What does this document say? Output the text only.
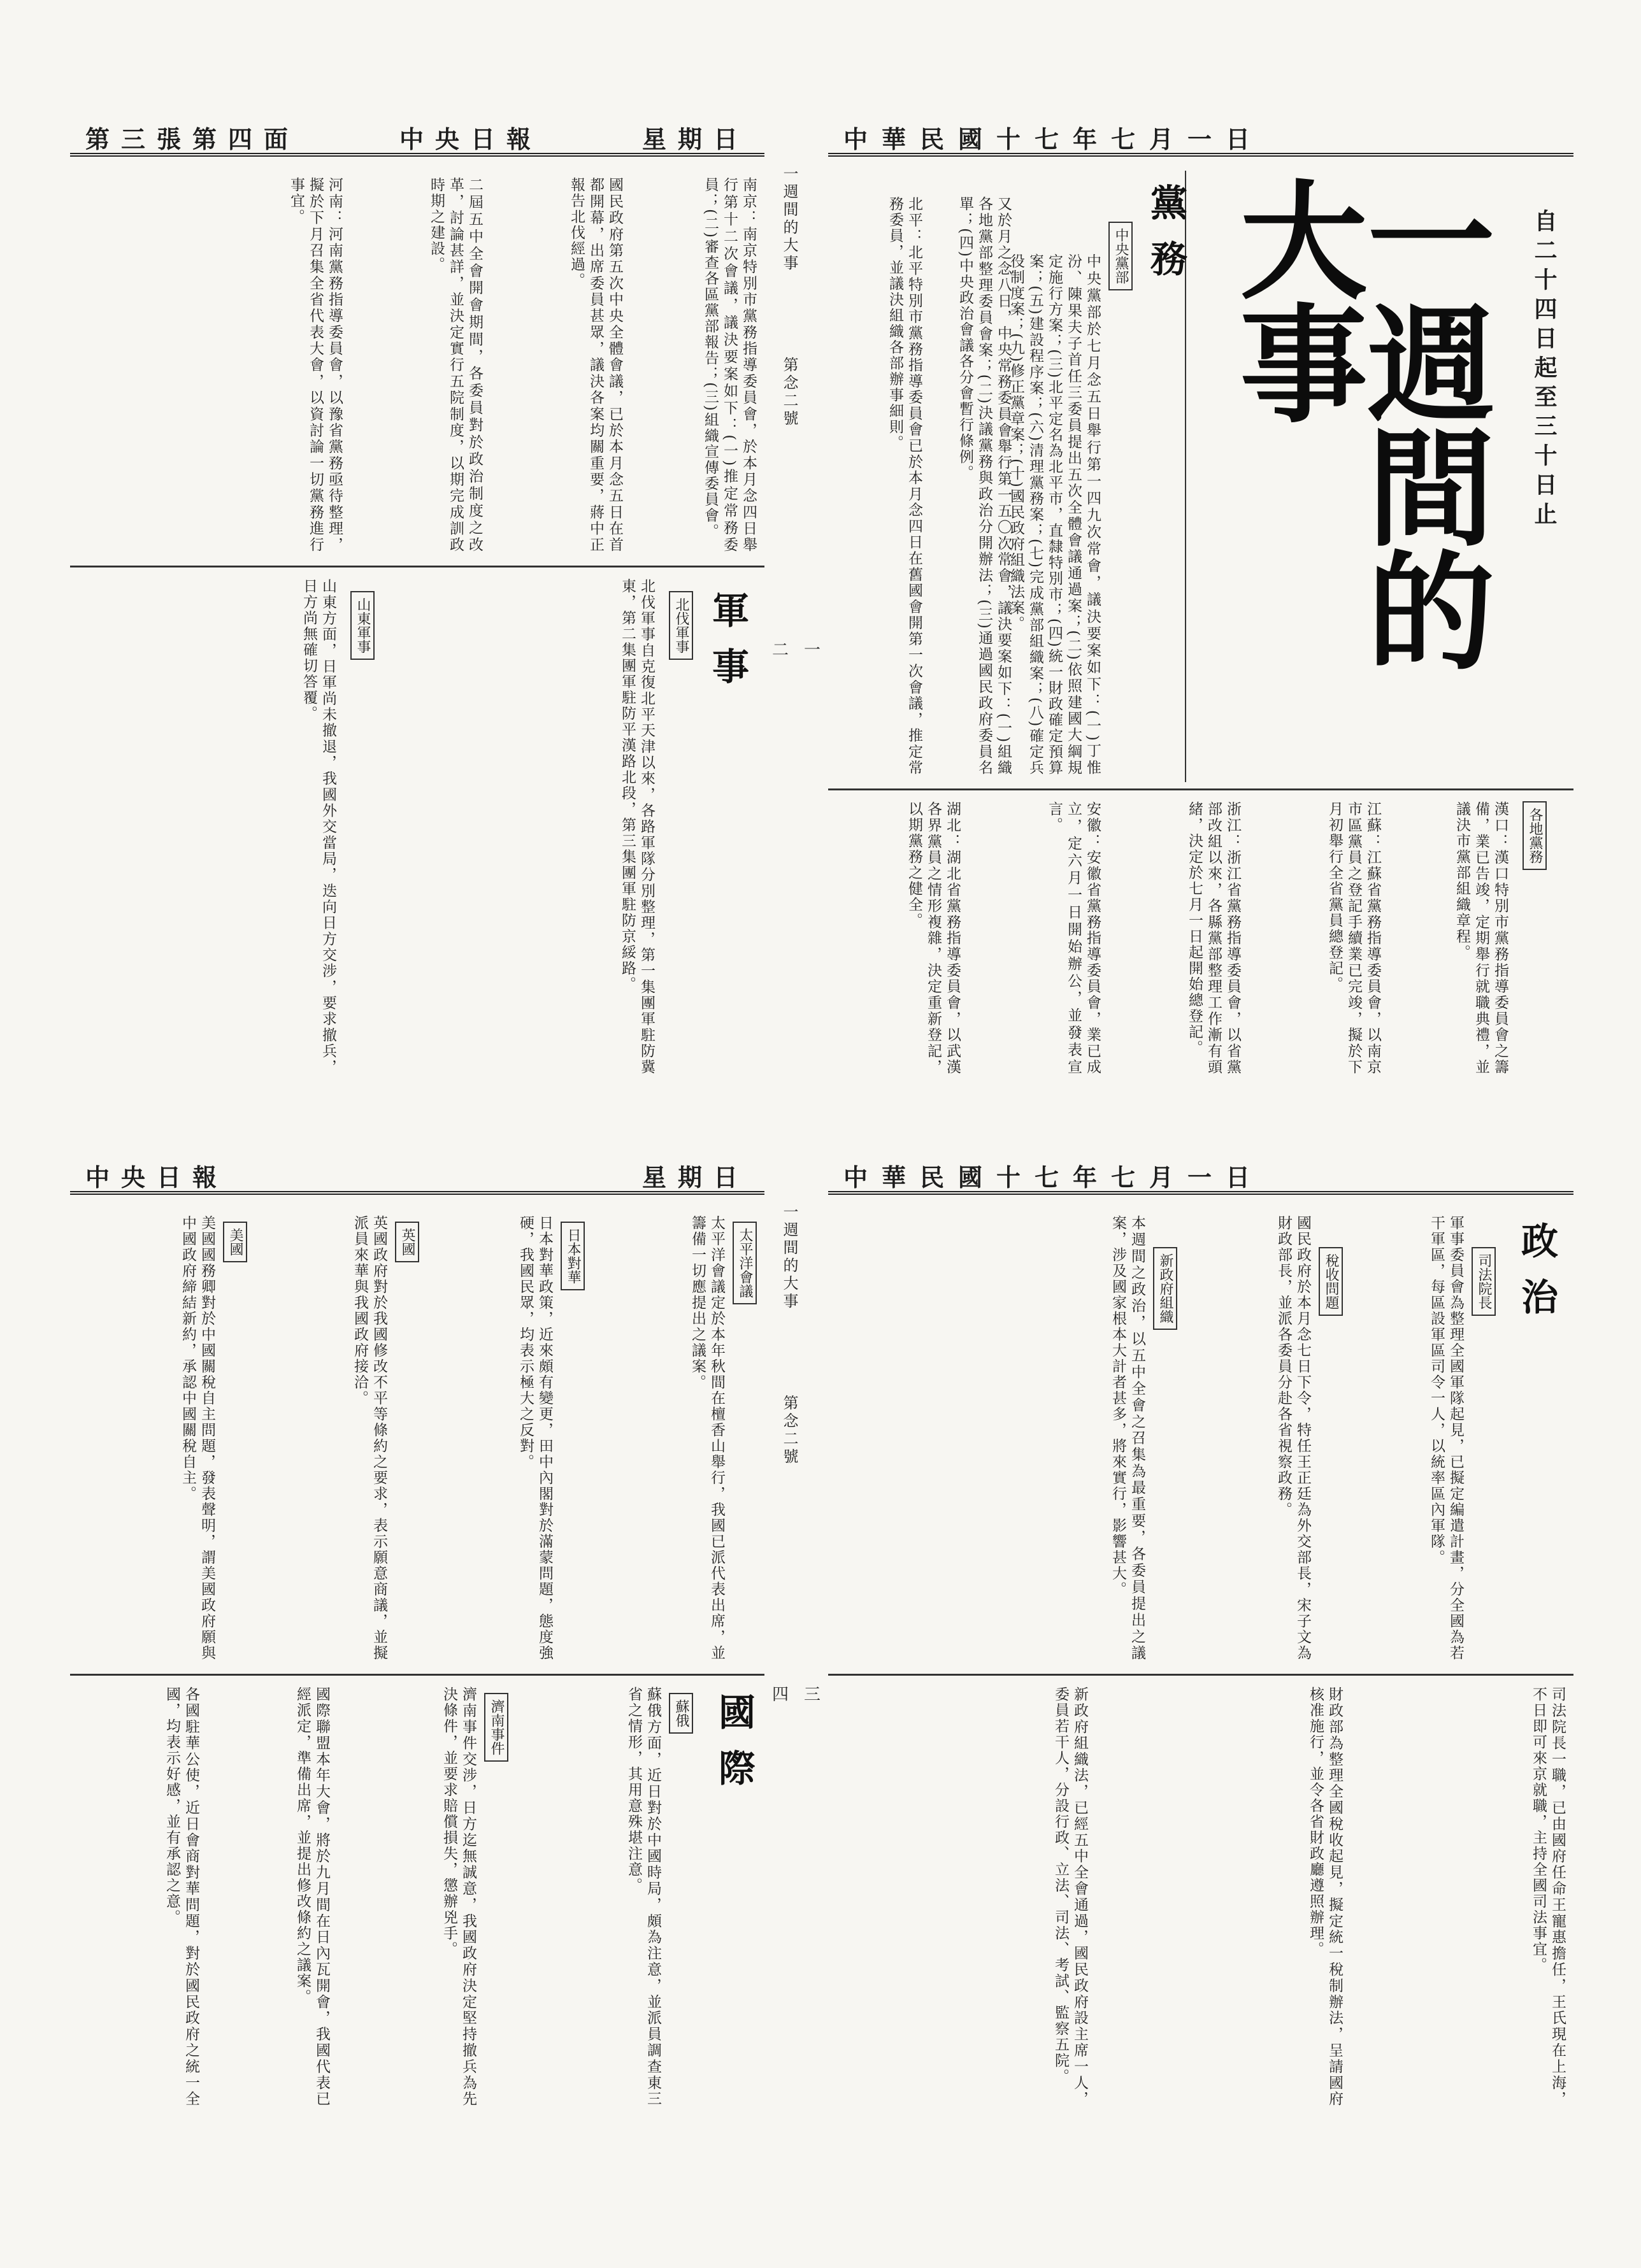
中華民國十七年七月一日
一週間的大事	自二十四日起至三十日止
黨務
中央黨部
中央黨部於七月念五日舉行第一四九次常會，議決要案如下：(一)丁惟汾、陳果夫子首任三委員提出五次全體會議通過案；(二)依照建國大綱規定施行方案；(三)北平定名為北平市，直隸特別市；(四)統一財政確定預算案；(五)建設程序案；(六)清理黨務案；(七)完成黨部組織案；(八)確定兵役制度案；(九)修正黨章案；(十)國民政府組織法案。
又於月之念八日，中央常務委員會舉行第一五〇次常會，議決要案如下：(一)組織各地黨部整理委員會案；(二)決議黨務與政治分開辦法；(三)通過國民政府委員名單；(四)中央政治會議各分會暫行條例。
北平：北平特別市黨務指導委員會已於本月念四日在舊國會開第一次會議，推定常務委員，並議決組織各部辦事細則。
各地黨務
漢口：漢口特別市黨務指導委員會之籌備，業已告竣，定期舉行就職典禮，並議決市黨部組織章程。
江蘇：江蘇省黨務指導委員會，以南京市區黨員之登記手續業已完竣，擬於下月初舉行全省黨員總登記。
浙江：浙江省黨務指導委員會，以省黨部改組以來，各縣黨部整理工作漸有頭緒，決定於七月一日起開始總登記。
安徽：安徽省黨務指導委員會，業已成立，定六月一日開始辦公，並發表宣言。
湖北：湖北省黨務指導委員會，以武漢各界黨員之情形複雜，決定重新登記，以期黨務之健全。
一週間的大事
第念二號
一
二
第三張第四面	中央日報	星期日
南京：南京特別市黨務指導委員會，於本月念四日舉行第十二次會議，議決要案如下：(一)推定常務委員；(二)審查各區黨部報告；(三)組織宣傳委員會。
國民政府第五次中央全體會議，已於本月念五日在首都開幕，出席委員甚眾，議決各案均關重要，蔣中正報告北伐經過。
二屆五中全會開會期間，各委員對於政治制度之改革，討論甚詳，並決定實行五院制度，以期完成訓政時期之建設。
河南：河南黨務指導委員會，以豫省黨務亟待整理，擬於下月召集全省代表大會，以資討論一切黨務進行事宜。
軍事
北伐軍事
北伐軍事自克復北平天津以來，各路軍隊分別整理，第一集團軍駐防冀東，第二集團軍駐防平漢路北段，第三集團軍駐防京綏路。
山東軍事
山東方面，日軍尚未撤退，我國外交當局，迭向日方交涉，要求撤兵，日方尚無確切答覆。
中華民國十七年七月一日
政治
司法院長
軍事委員會為整理全國軍隊起見，已擬定編遣計畫，分全國為若干軍區，每區設軍區司令一人，以統率區內軍隊。
稅收問題
國民政府於本月念七日下令，特任王正廷為外交部長，宋子文為財政部長，並派各委員分赴各省視察政務。
新政府組織
本週間之政治，以五中全會之召集為最重要，各委員提出之議案，涉及國家根本大計者甚多，將來實行，影響甚大。
司法院長一職，已由國府任命王寵惠擔任，王氏現在上海，不日即可來京就職，主持全國司法事宜。
財政部為整理全國稅收起見，擬定統一稅制辦法，呈請國府核准施行，並令各省財政廳遵照辦理。
新政府組織法，已經五中全會通過，國民政府設主席一人，委員若干人，分設行政、立法、司法、考試、監察五院。
一週間的大事
第念二號
三
四
中央日報	星期日
太平洋會議
太平洋會議定於本年秋間在檀香山舉行，我國已派代表出席，並籌備一切應提出之議案。
日本對華
日本對華政策，近來頗有變更，田中內閣對於滿蒙問題，態度強硬，我國民眾，均表示極大之反對。
英國
英國政府對於我國修改不平等條約之要求，表示願意商議，並擬派員來華與我國政府接洽。
美國
美國國務卿對於中國關稅自主問題，發表聲明，謂美國政府願與中國政府締結新約，承認中國關稅自主。
國際
蘇俄
蘇俄方面，近日對於中國時局，頗為注意，並派員調查東三省之情形，其用意殊堪注意。
濟南事件
濟南事件交涉，日方迄無誠意，我國政府決定堅持撤兵為先決條件，並要求賠償損失，懲辦兇手。
國際聯盟本年大會，將於九月間在日內瓦開會，我國代表已經派定，準備出席，並提出修改條約之議案。
各國駐華公使，近日會商對華問題，對於國民政府之統一全國，均表示好感，並有承認之意。
